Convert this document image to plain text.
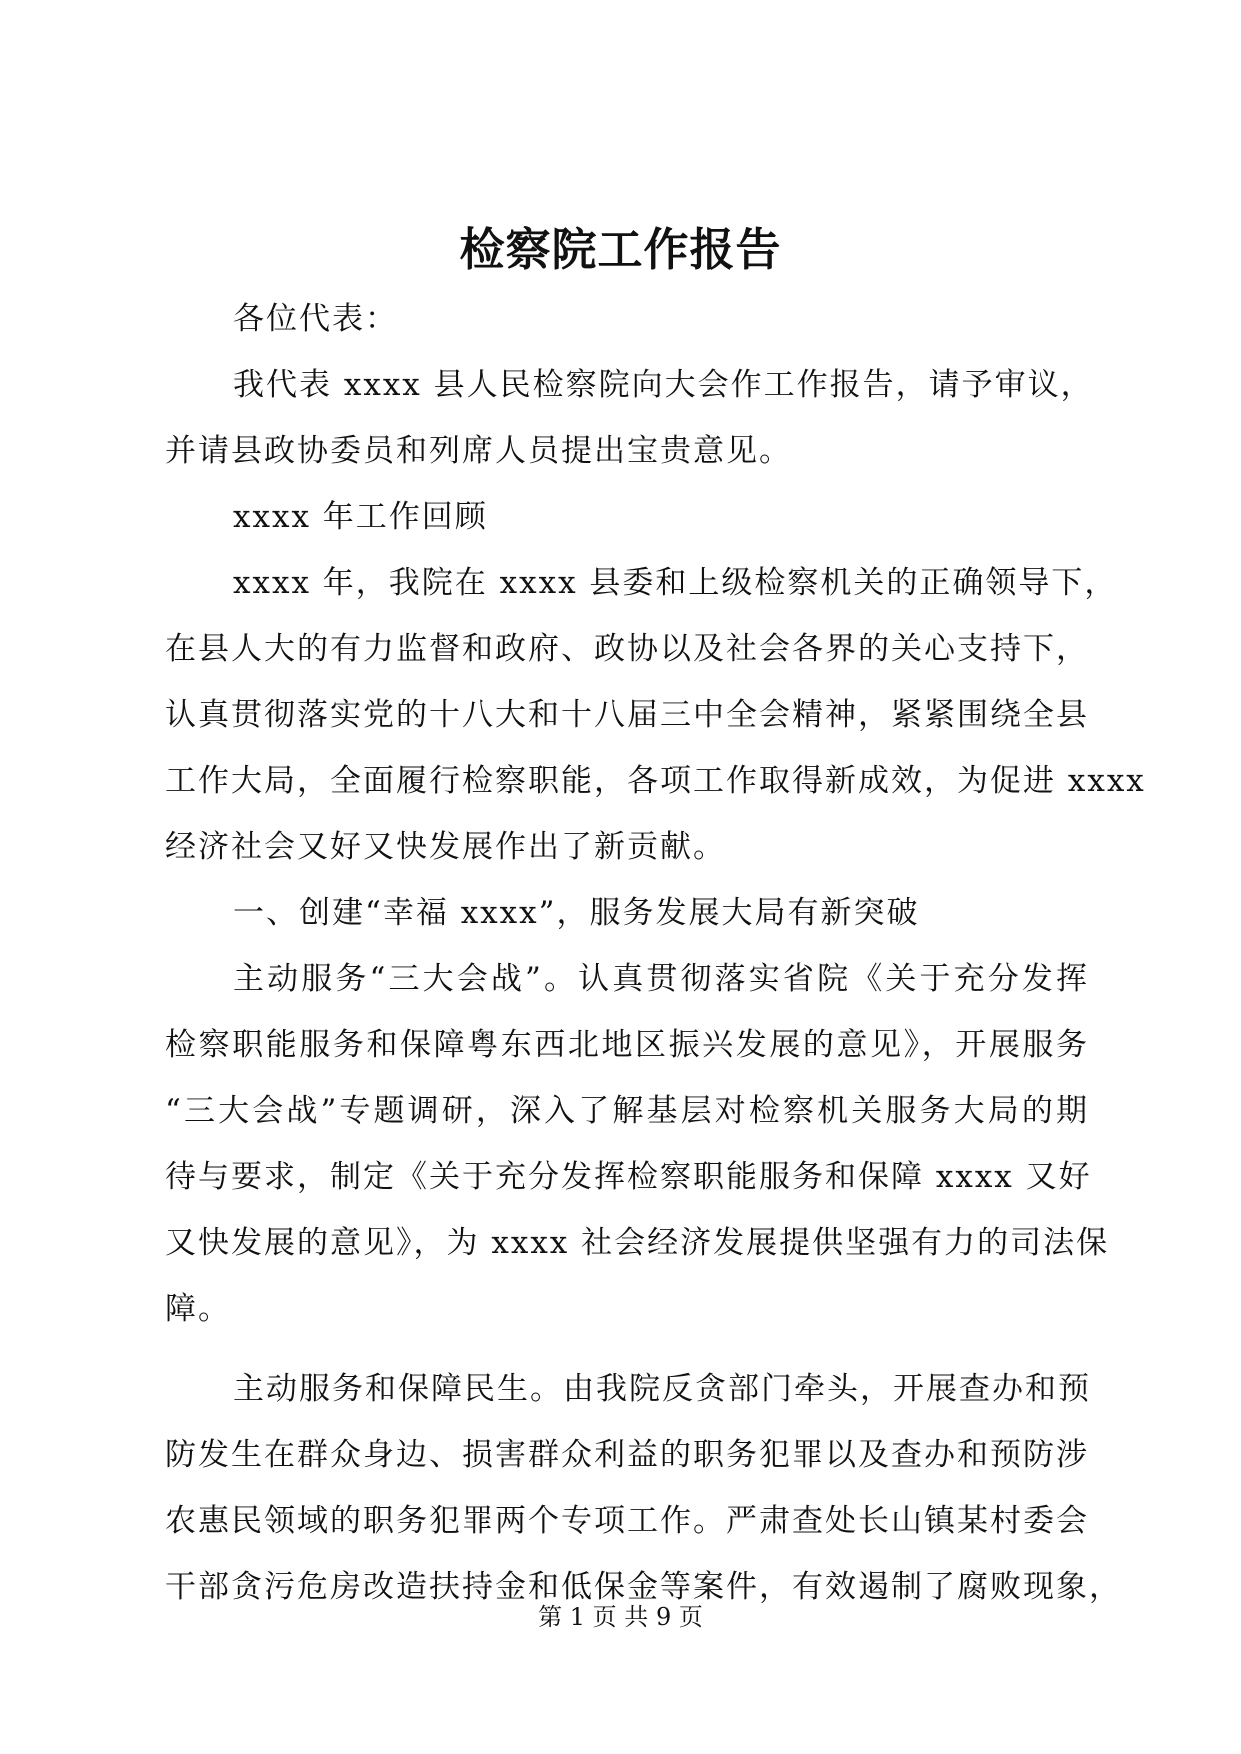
检察院工作报告
各位代表：
我代表 xxxx 县人民检察院向大会作工作报告，请予审议，
并请县政协委员和列席人员提出宝贵意见。
xxxx 年工作回顾
xxxx 年，我院在 xxxx 县委和上级检察机关的正确领导下，
在县人大的有力监督和政府、政协以及社会各界的关心支持下，
认真贯彻落实党的十八大和十八届三中全会精神，紧紧围绕全县
工作大局，全面履行检察职能，各项工作取得新成效，为促进 xxxx
经济社会又好又快发展作出了新贡献。
一、创建“幸福 xxxx”，服务发展大局有新突破
主动服务“三大会战”。认真贯彻落实省院《关于充分发挥
检察职能服务和保障粤东西北地区振兴发展的意见》，开展服务
“三大会战”专题调研，深入了解基层对检察机关服务大局的期
待与要求，制定《关于充分发挥检察职能服务和保障 xxxx 又好
又快发展的意见》，为 xxxx 社会经济发展提供坚强有力的司法保
障。
主动服务和保障民生。由我院反贪部门牵头，开展查办和预
防发生在群众身边、损害群众利益的职务犯罪以及查办和预防涉
农惠民领域的职务犯罪两个专项工作。严肃查处长山镇某村委会
干部贪污危房改造扶持金和低保金等案件，有效遏制了腐败现象，
第 1 页 共 9 页
